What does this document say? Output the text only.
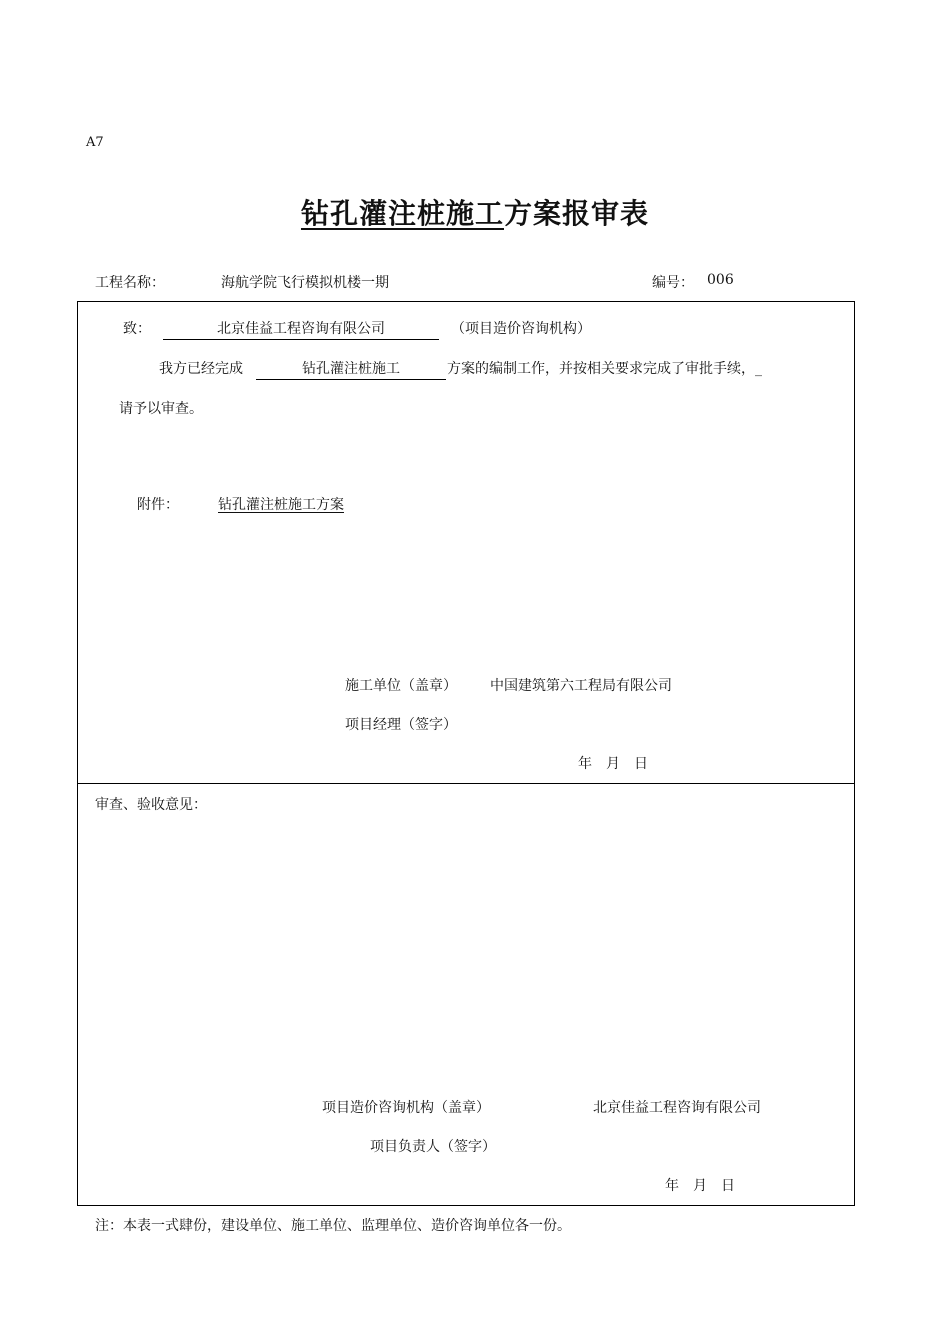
A7
钻孔灌注桩施工方案报审表
工程名称：	海航学院飞行模拟机楼一期	编号： 006
致：	北京佳益工程咨询有限公司	（项目造价咨询机构）
我方已经完成	钻孔灌注桩施工	方案的编制工作，并按相关要求完成了审批手续，_
请予以审查。
附件：	钻孔灌注桩施工方案
施工单位（盖章） 中国建筑第六工程局有限公司
项目经理（签字）
年　月　日
审查、验收意见：
项目造价咨询机构（盖章）	北京佳益工程咨询有限公司
项目负责人（签字）
年　月　日
注：本表一式肆份，建设单位、施工单位、监理单位、造价咨询单位各一份。
